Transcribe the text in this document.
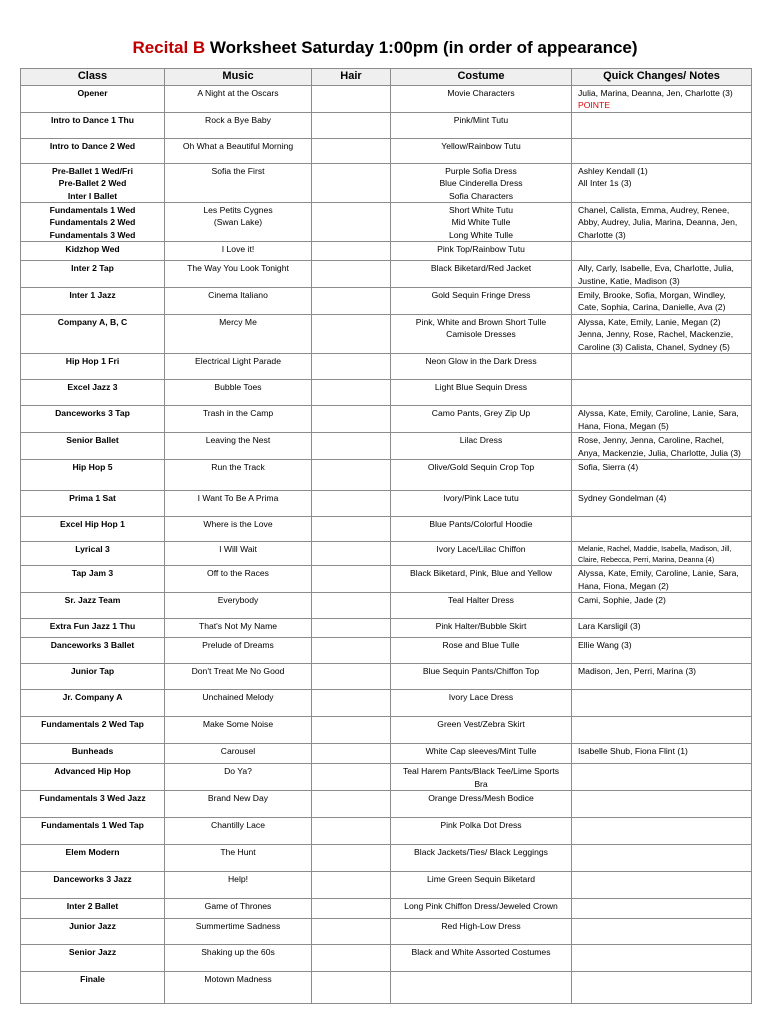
Recital B Worksheet Saturday 1:00pm (in order of appearance)
Class	Music	Hair	Costume	Quick Changes/ Notes

Opener	A Night at the Oscars		Movie Characters	Julia, Marina, Deanna, Jen, Charlotte (3)
POINTE

Intro to Dance 1 Thu	Rock a Bye Baby		Pink/Mint Tutu	

Intro to Dance 2 Wed	Oh What a Beautiful Morning		Yellow/Rainbow Tutu	

Pre-Ballet 1 Wed/Fri
Pre-Ballet 2 Wed
Inter I Ballet	Sofia the First		Purple Sofia Dress
Blue Cinderella Dress
Sofia Characters	Ashley Kendall (1)
All Inter 1s (3)

Fundamentals 1 Wed
Fundamentals 2 Wed
Fundamentals 3 Wed	Les Petits Cygnes
(Swan Lake)		Short White Tutu
Mid White Tulle
Long White Tulle	Chanel, Calista, Emma, Audrey, Renee, Abby, Audrey, Julia, Marina, Deanna, Jen, Charlotte (3)

Kidzhop Wed	I Love it!		Pink Top/Rainbow Tutu	

Inter 2 Tap	The Way You Look Tonight		Black Biketard/Red Jacket	Ally, Carly, Isabelle, Eva, Charlotte, Julia, Justine, Katie, Madison (3)

Inter 1 Jazz	Cinema Italiano		Gold Sequin Fringe Dress	Emily, Brooke, Sofia, Morgan, Windley, Cate, Sophia, Carina, Danielle, Ava (2)

Company A, B, C	Mercy Me		Pink, White and Brown Short Tulle
Camisole Dresses	Alyssa, Kate, Emily, Lanie, Megan (2) Jenna, Jenny, Rose, Rachel, Mackenzie, Caroline (3) Calista, Chanel, Sydney (5)

Hip Hop 1 Fri	Electrical Light Parade		Neon Glow in the Dark Dress	

Excel Jazz 3	Bubble Toes		Light Blue Sequin Dress	

Danceworks 3 Tap	Trash in the Camp		Camo Pants, Grey Zip Up	Alyssa, Kate, Emily, Caroline, Lanie, Sara, Hana, Fiona, Megan (5)

Senior Ballet	Leaving the Nest		Lilac Dress	Rose, Jenny, Jenna, Caroline, Rachel, Anya, Mackenzie, Julia, Charlotte, Julia (3)

Hip Hop 5	Run the Track		Olive/Gold Sequin Crop Top	Sofia, Sierra (4)

Prima 1 Sat	I Want To Be A Prima		Ivory/Pink Lace tutu	Sydney Gondelman (4)

Excel Hip Hop 1	Where is the Love		Blue Pants/Colorful Hoodie	

Lyrical 3	I Will Wait		Ivory Lace/Lilac Chiffon	Melanie, Rachel, Maddie, Isabella, Madison, Jill, Claire, Rebecca, Perri, Marina, Deanna (4)

Tap Jam 3	Off to the Races		Black Biketard, Pink, Blue and Yellow	Alyssa, Kate, Emily, Caroline, Lanie, Sara, Hana, Fiona, Megan (2)

Sr. Jazz Team	Everybody		Teal Halter Dress	Cami, Sophie, Jade (2)

Extra Fun Jazz 1 Thu	That's Not My Name		Pink Halter/Bubble Skirt	Lara Karsligil (3)

Danceworks 3 Ballet	Prelude of Dreams		Rose and Blue Tulle	Ellie Wang (3)

Junior Tap	Don't Treat Me No Good		Blue Sequin Pants/Chiffon Top	Madison, Jen, Perri, Marina (3)

Jr. Company A	Unchained Melody		Ivory Lace Dress	

Fundamentals 2 Wed Tap	Make Some Noise		Green Vest/Zebra Skirt	

Bunheads	Carousel		White Cap sleeves/Mint Tulle	Isabelle Shub, Fiona Flint (1)

Advanced Hip Hop	Do Ya?		Teal Harem Pants/Black Tee/Lime Sports
Bra	

Fundamentals 3 Wed Jazz	Brand New Day		Orange Dress/Mesh Bodice	

Fundamentals 1 Wed Tap	Chantilly Lace		Pink Polka Dot Dress	

Elem Modern	The Hunt		Black Jackets/Ties/ Black Leggings	

Danceworks 3 Jazz	Help!		Lime Green Sequin Biketard	

Inter 2 Ballet	Game of Thrones		Long Pink Chiffon Dress/Jeweled Crown	

Junior Jazz	Summertime Sadness		Red High-Low Dress	

Senior Jazz	Shaking up the 60s		Black and White Assorted Costumes	

Finale	Motown Madness			
